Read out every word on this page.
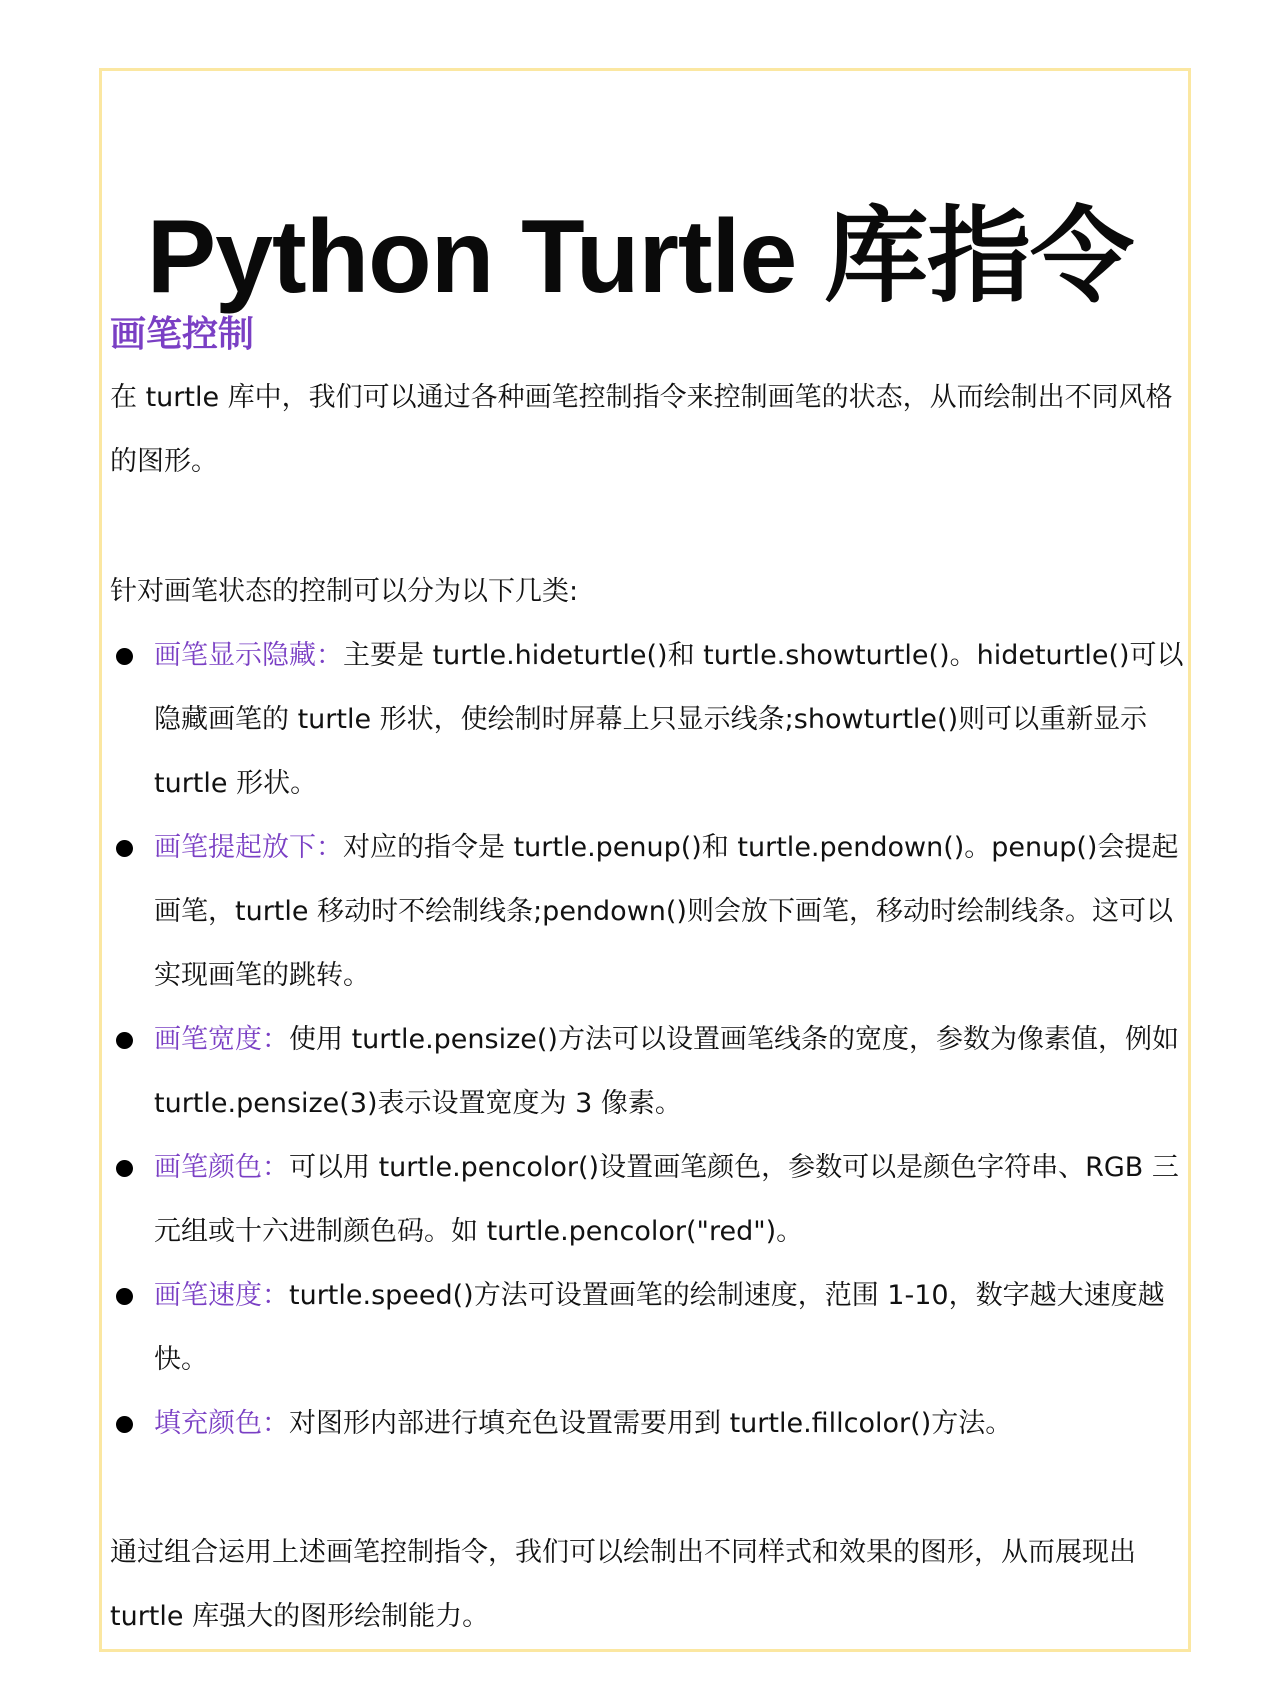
Python Turtle 库指令
画笔控制

在 turtle 库中，我们可以通过各种画笔控制指令来控制画笔的状态，从而绘制出不同风格的图形。

针对画笔状态的控制可以分为以下几类:

画笔显示隐藏：主要是 turtle.hideturtle()和 turtle.showturtle()。hideturtle()可以隐藏画笔的 turtle 形状，使绘制时屏幕上只显示线条;showturtle()则可以重新显示 turtle 形状。
画笔提起放下：对应的指令是 turtle.penup()和 turtle.pendown()。penup()会提起画笔，turtle 移动时不绘制线条;pendown()则会放下画笔，移动时绘制线条。这可以实现画笔的跳转。
画笔宽度：使用 turtle.pensize()方法可以设置画笔线条的宽度，参数为像素值，例如 turtle.pensize(3)表示设置宽度为 3 像素。
画笔颜色：可以用 turtle.pencolor()设置画笔颜色，参数可以是颜色字符串、RGB 三元组或十六进制颜色码。如 turtle.pencolor("red")。
画笔速度：turtle.speed()方法可设置画笔的绘制速度，范围 1-10，数字越大速度越快。
填充颜色：对图形内部进行填充色设置需要用到 turtle.fillcolor()方法。

通过组合运用上述画笔控制指令，我们可以绘制出不同样式和效果的图形，从而展现出 turtle 库强大的图形绘制能力。
